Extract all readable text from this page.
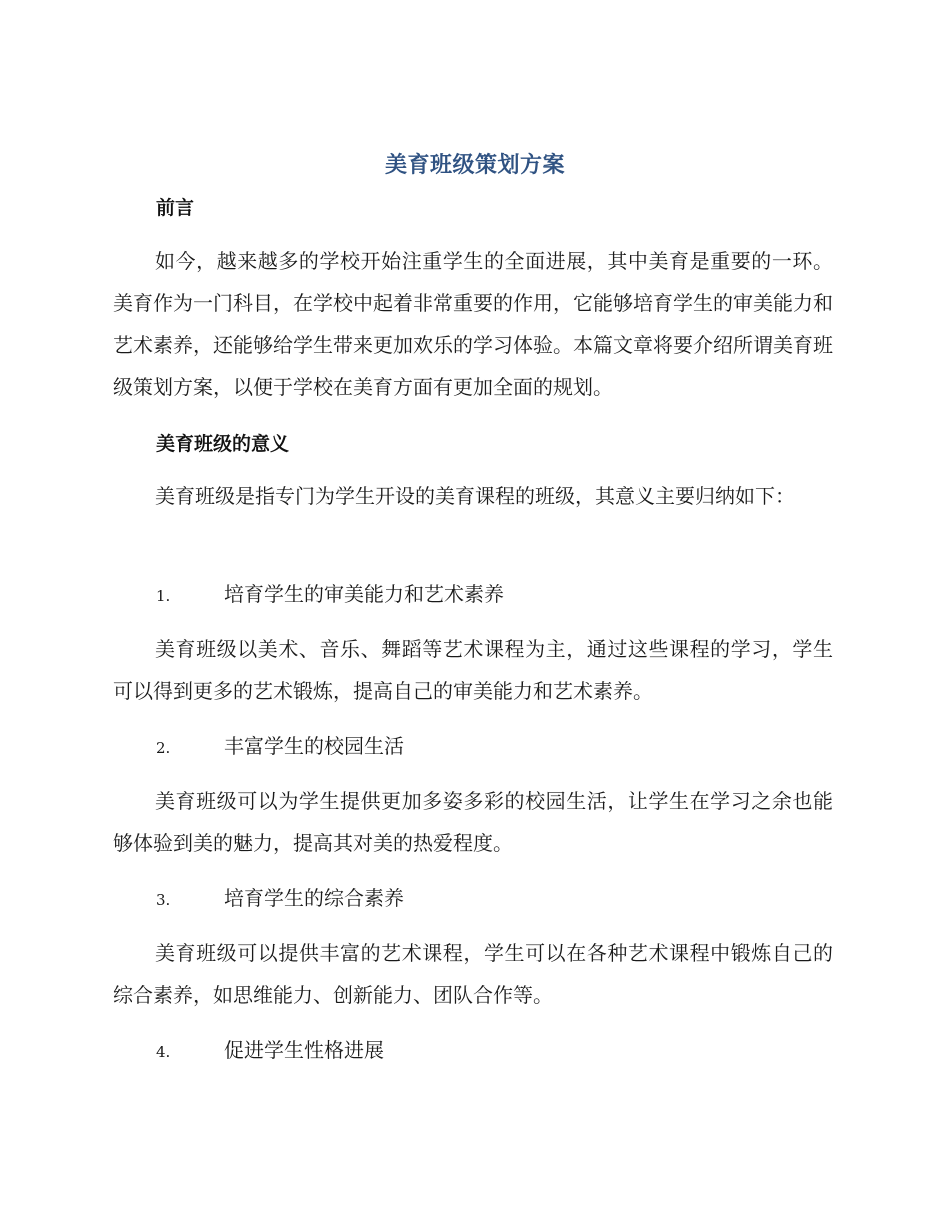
美育班级策划方案
前言
如今，越来越多的学校开始注重学生的全面进展，其中美育是重要的一环。美育作为一门科目，在学校中起着非常重要的作用，它能够培育学生的审美能力和艺术素养，还能够给学生带来更加欢乐的学习体验。本篇文章将要介绍所谓美育班级策划方案，以便于学校在美育方面有更加全面的规划。
美育班级的意义
美育班级是指专门为学生开设的美育课程的班级，其意义主要归纳如下：
1.	培育学生的审美能力和艺术素养
美育班级以美术、音乐、舞蹈等艺术课程为主，通过这些课程的学习，学生可以得到更多的艺术锻炼，提高自己的审美能力和艺术素养。
2.	丰富学生的校园生活
美育班级可以为学生提供更加多姿多彩的校园生活，让学生在学习之余也能够体验到美的魅力，提高其对美的热爱程度。
3.	培育学生的综合素养
美育班级可以提供丰富的艺术课程，学生可以在各种艺术课程中锻炼自己的综合素养，如思维能力、创新能力、团队合作等。
4.	促进学生性格进展
